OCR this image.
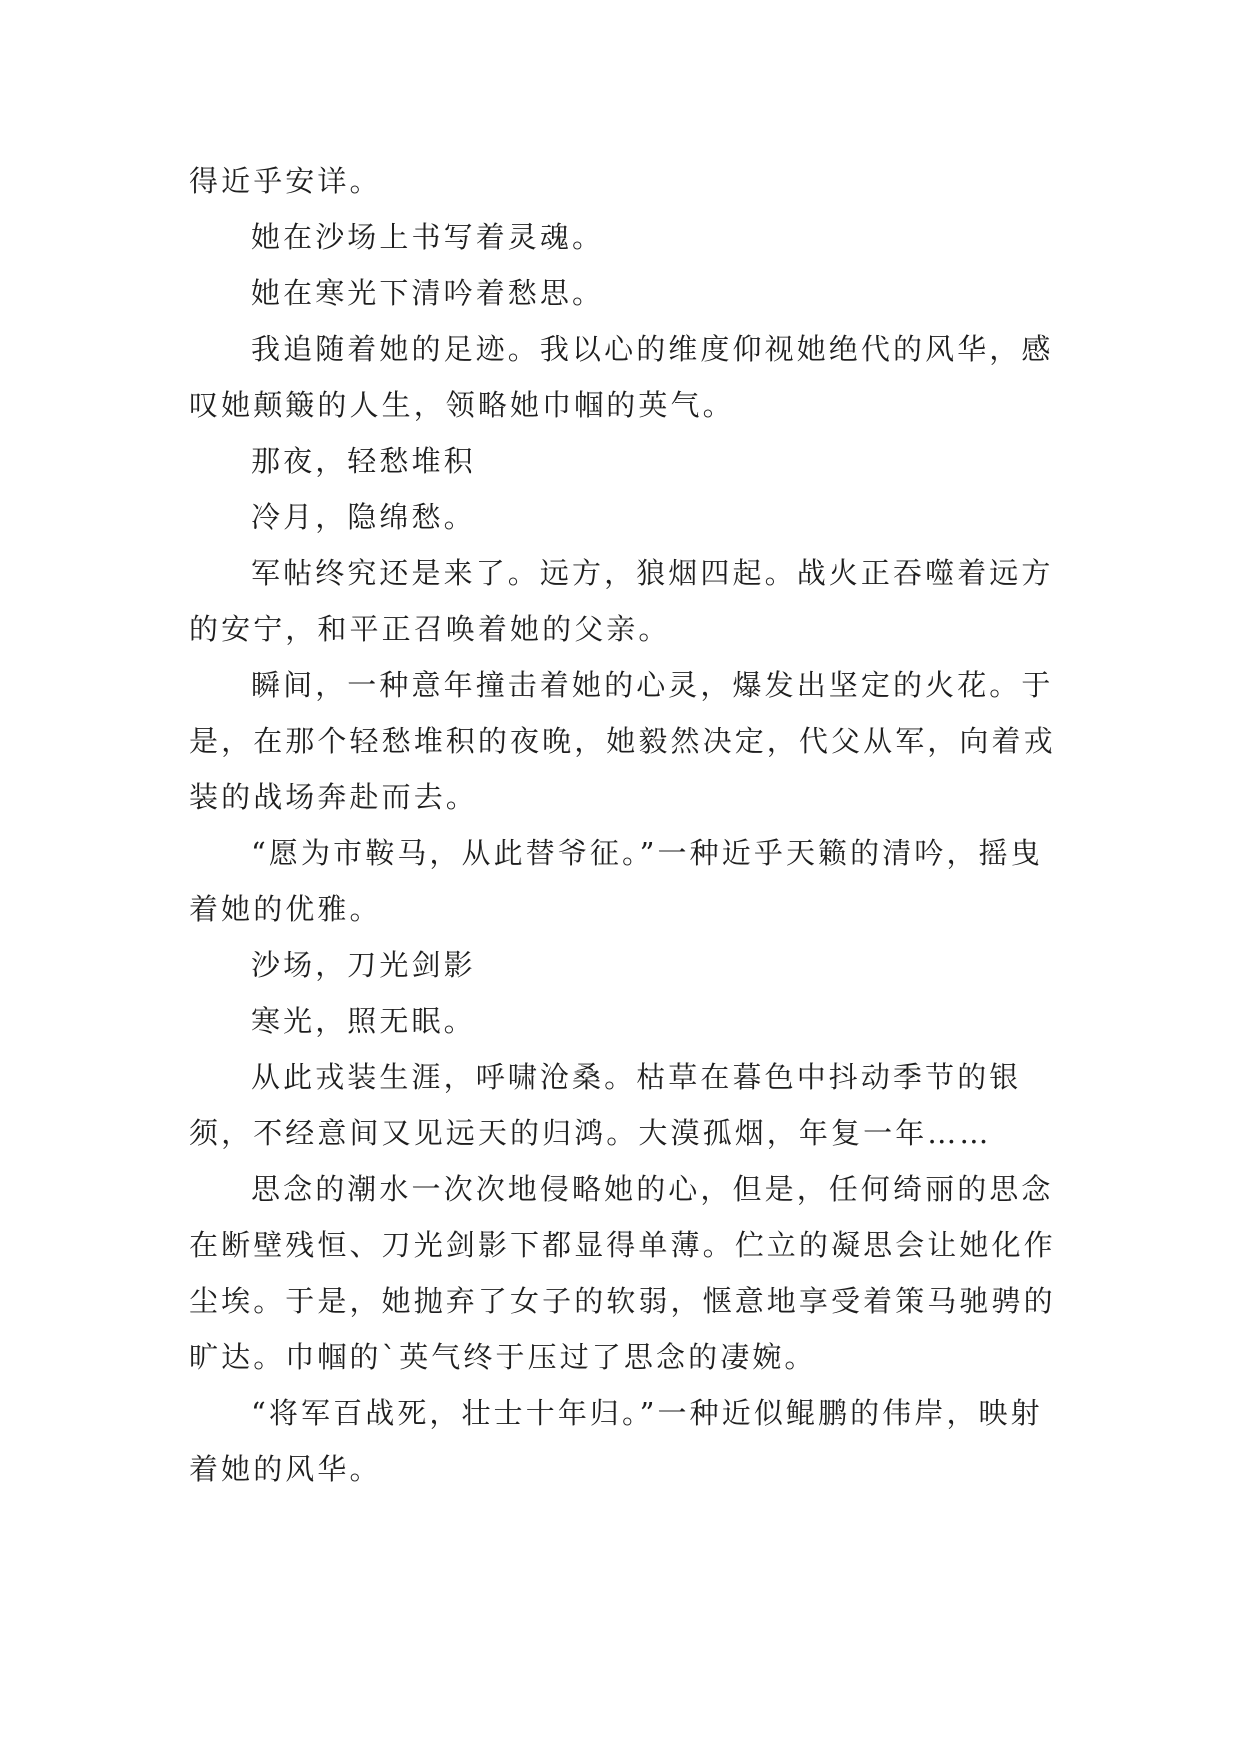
得近乎安详。

她在沙场上书写着灵魂。

她在寒光下清吟着愁思。

我追随着她的足迹。我以心的维度仰视她绝代的风华，感叹她颠簸的人生，领略她巾帼的英气。

那夜，轻愁堆积

冷月，隐绵愁。

军帖终究还是来了。远方，狼烟四起。战火正吞噬着远方的安宁，和平正召唤着她的父亲。

瞬间，一种意年撞击着她的心灵，爆发出坚定的火花。于是，在那个轻愁堆积的夜晚，她毅然决定，代父从军，向着戎装的战场奔赴而去。

“愿为市鞍马，从此替爷征。”一种近乎天籁的清吟，摇曳着她的优雅。

沙场，刀光剑影

寒光，照无眠。

从此戎装生涯，呼啸沧桑。枯草在暮色中抖动季节的银须，不经意间又见远天的归鸿。大漠孤烟，年复一年……

思念的潮水一次次地侵略她的心，但是，任何绮丽的思念在断壁残恒、刀光剑影下都显得单薄。伫立的凝思会让她化作尘埃。于是，她抛弃了女子的软弱，惬意地享受着策马驰骋的旷达。巾帼的`英气终于压过了思念的凄婉。

“将军百战死，壮士十年归。”一种近似鲲鹏的伟岸，映射着她的风华。
